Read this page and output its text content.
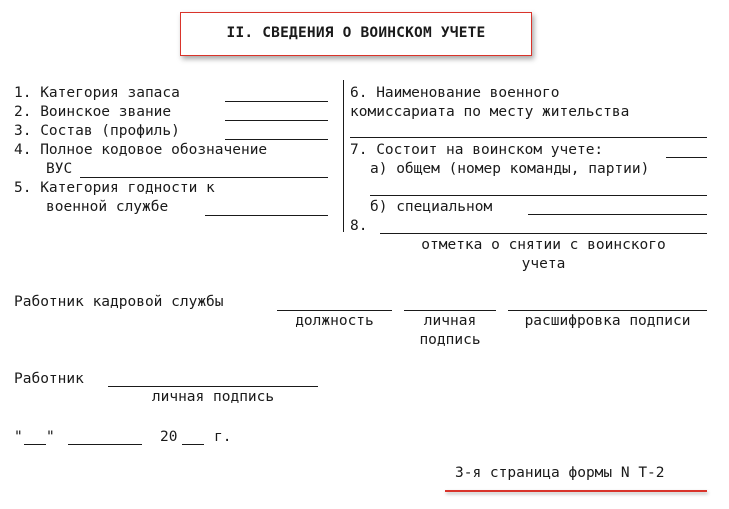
II. СВЕДЕНИЯ О ВОИНСКОМ УЧЕТЕ
1. Категория запаса
2. Воинское звание
3. Состав (профиль)
4. Полное кодовое обозначение
ВУС
5. Категория годности к
военной службе
6. Наименование военного
комиссариата по месту жительства
7. Состоит на воинском учете:
а) общем (номер команды, партии)
б) специальном
8.
отметка о снятии с воинского
учета
Работник кадровой службы
должность	личная
подпись
расшифровка подписи
Работник
личная подпись
" "	20	г.
3-я страница формы N Т-2
